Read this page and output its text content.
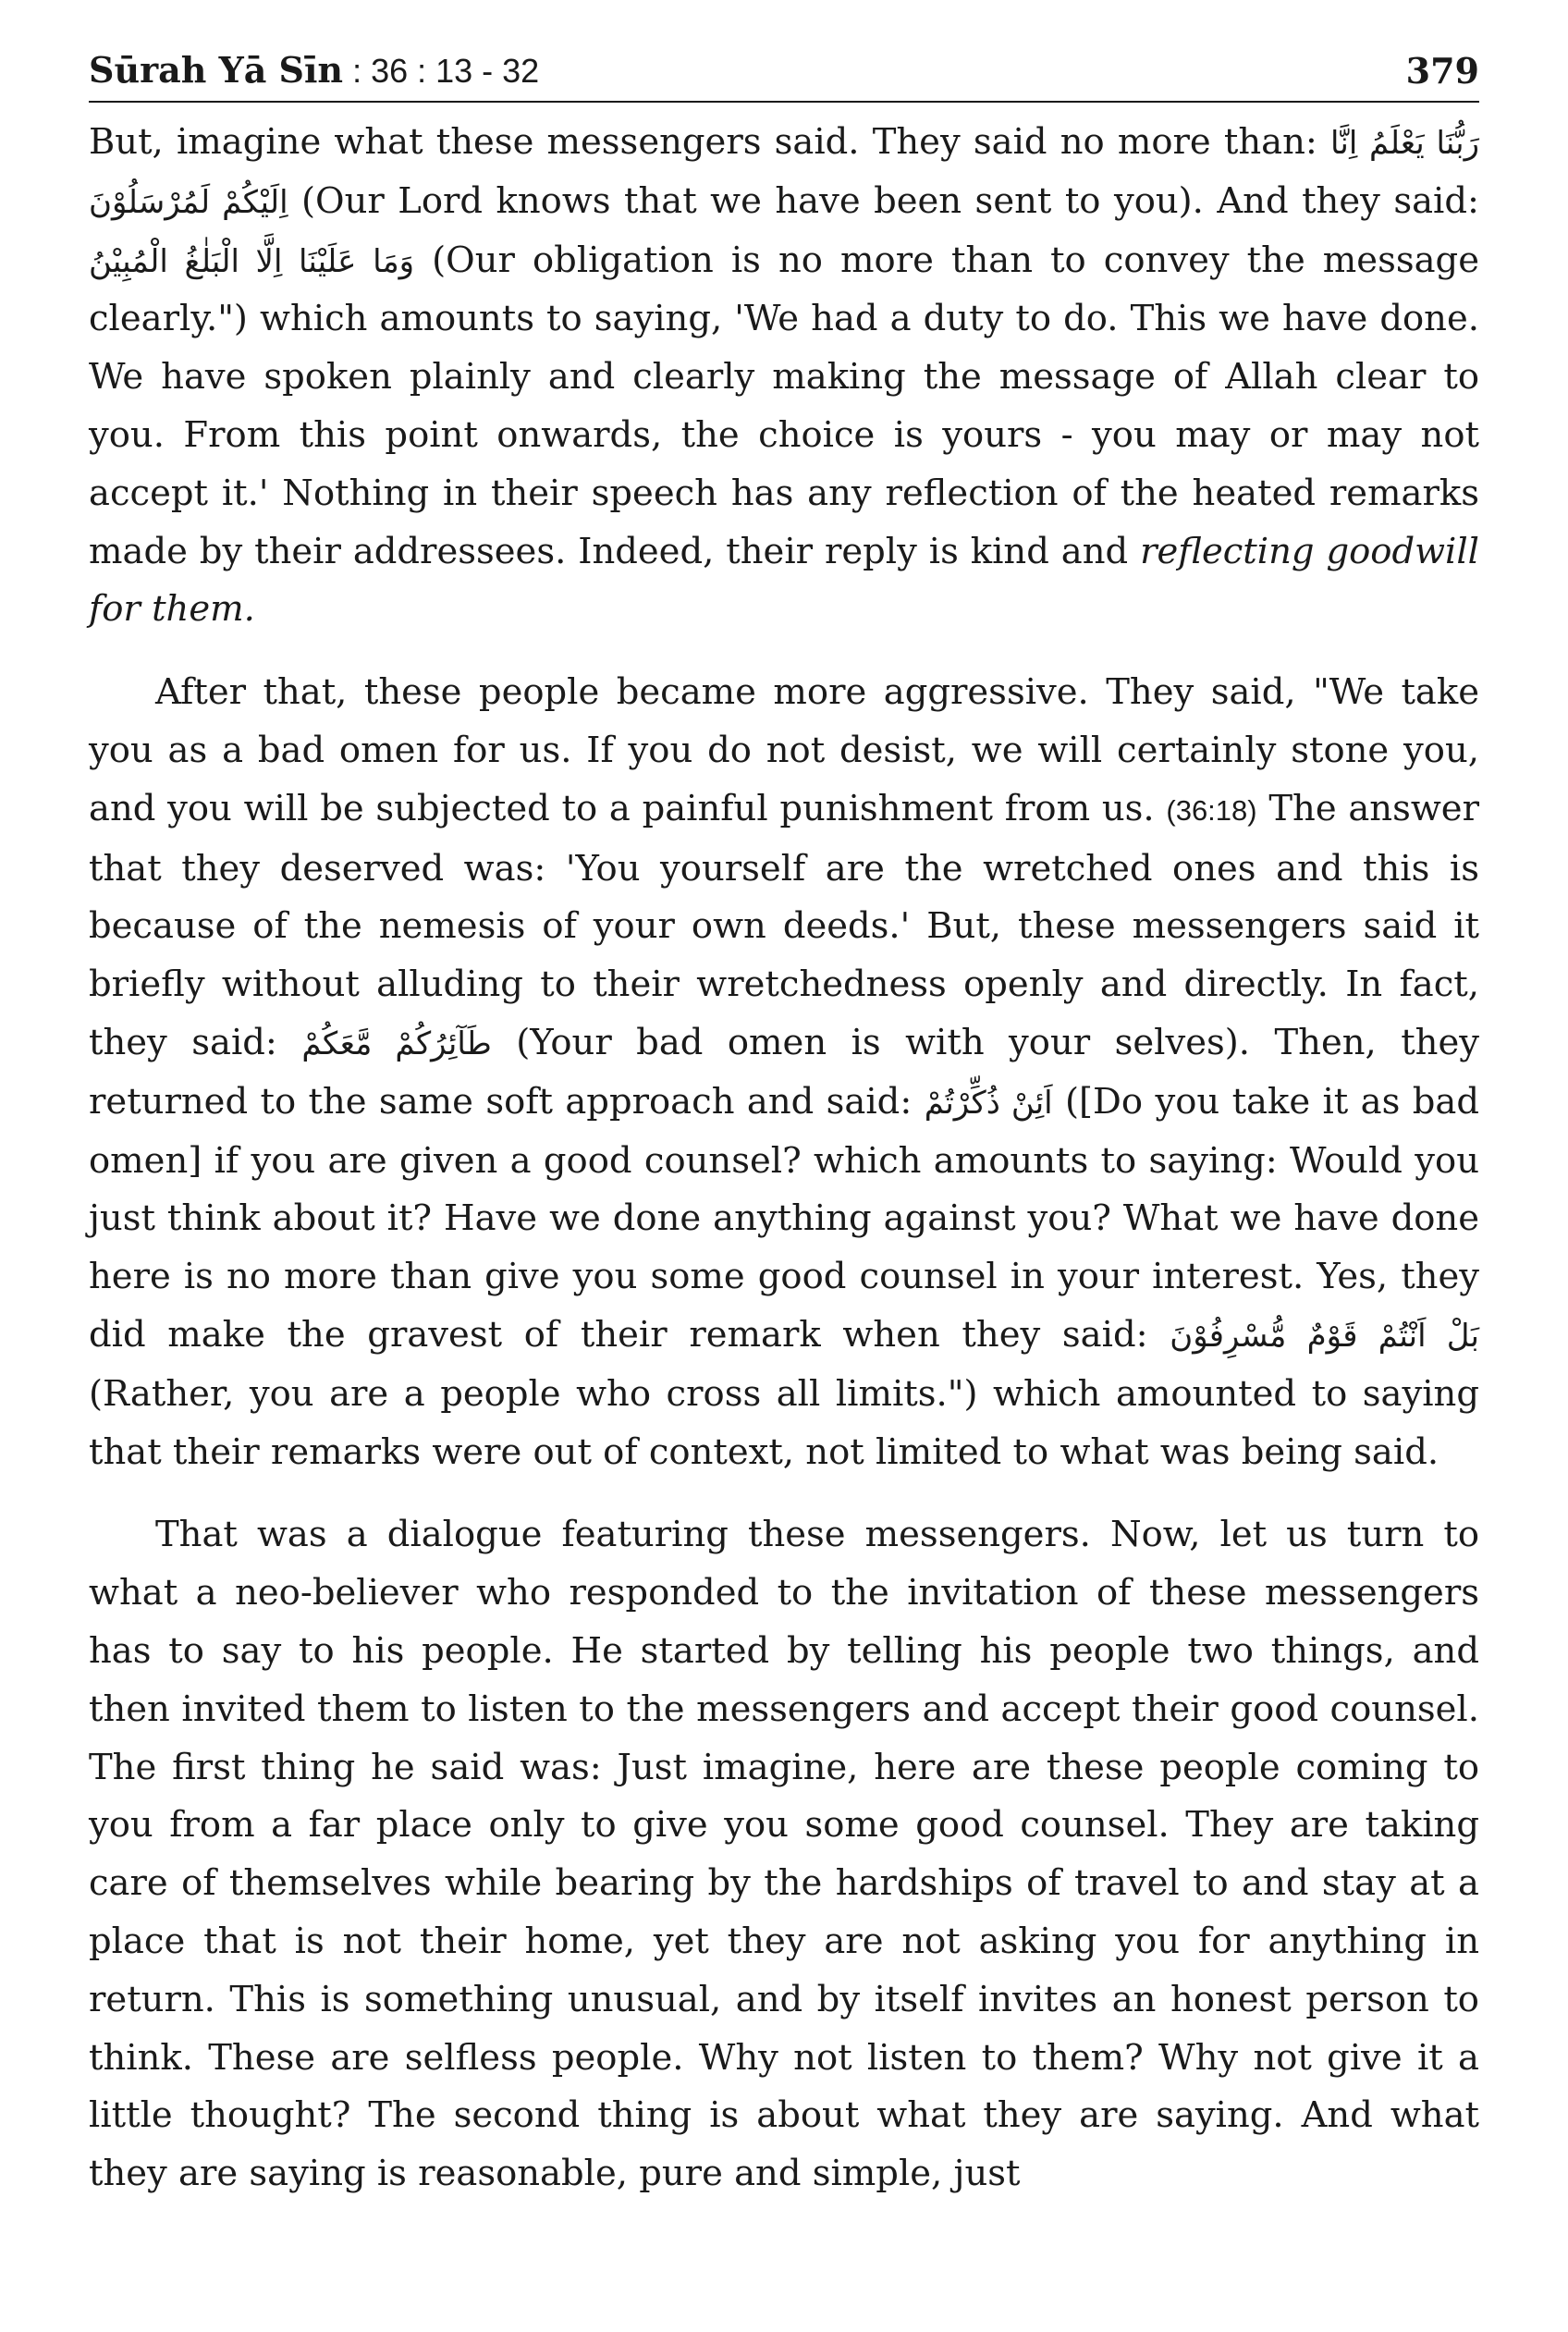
Sūrah Yā Sīn : 36 : 13 - 32	379

But, imagine what these messengers said. They said no more than: رَبُّنَا يَعْلَمُ اِنَّا اِلَيْكُمْ لَمُرْسَلُوْنَ (Our Lord knows that we have been sent to you). And they said: وَمَا عَلَيْنَا اِلَّا الْبَلٰغُ الْمُبِيْنُ (Our obligation is no more than to convey the message clearly.") which amounts to saying, 'We had a duty to do. This we have done. We have spoken plainly and clearly making the message of Allah clear to you. From this point onwards, the choice is yours - you may or may not accept it.' Nothing in their speech has any reflection of the heated remarks made by their addressees. Indeed, their reply is kind and reflecting goodwill for them.

After that, these people became more aggressive. They said, "We take you as a bad omen for us. If you do not desist, we will certainly stone you, and you will be subjected to a painful punishment from us. (36:18) The answer that they deserved was: 'You yourself are the wretched ones and this is because of the nemesis of your own deeds.' But, these messengers said it briefly without alluding to their wretchedness openly and directly. In fact, they said: طَآئِرُكُمْ مَّعَكُمْ (Your bad omen is with your selves). Then, they returned to the same soft approach and said: اَئِنْ ذُكِّرْتُمْ ([Do you take it as bad omen] if you are given a good counsel? which amounts to saying: Would you just think about it? Have we done anything against you? What we have done here is no more than give you some good counsel in your interest. Yes, they did make the gravest of their remark when they said: بَلْ اَنْتُمْ قَوْمٌ مُّسْرِفُوْنَ (Rather, you are a people who cross all limits.") which amounted to saying that their remarks were out of context, not limited to what was being said.

That was a dialogue featuring these messengers. Now, let us turn to what a neo-believer who responded to the invitation of these messengers has to say to his people. He started by telling his people two things, and then invited them to listen to the messengers and accept their good counsel. The first thing he said was: Just imagine, here are these people coming to you from a far place only to give you some good counsel. They are taking care of themselves while bearing by the hardships of travel to and stay at a place that is not their home, yet they are not asking you for anything in return. This is something unusual, and by itself invites an honest person to think. These are selfless people. Why not listen to them? Why not give it a little thought? The second thing is about what they are saying. And what they are saying is reasonable, pure and simple, just
